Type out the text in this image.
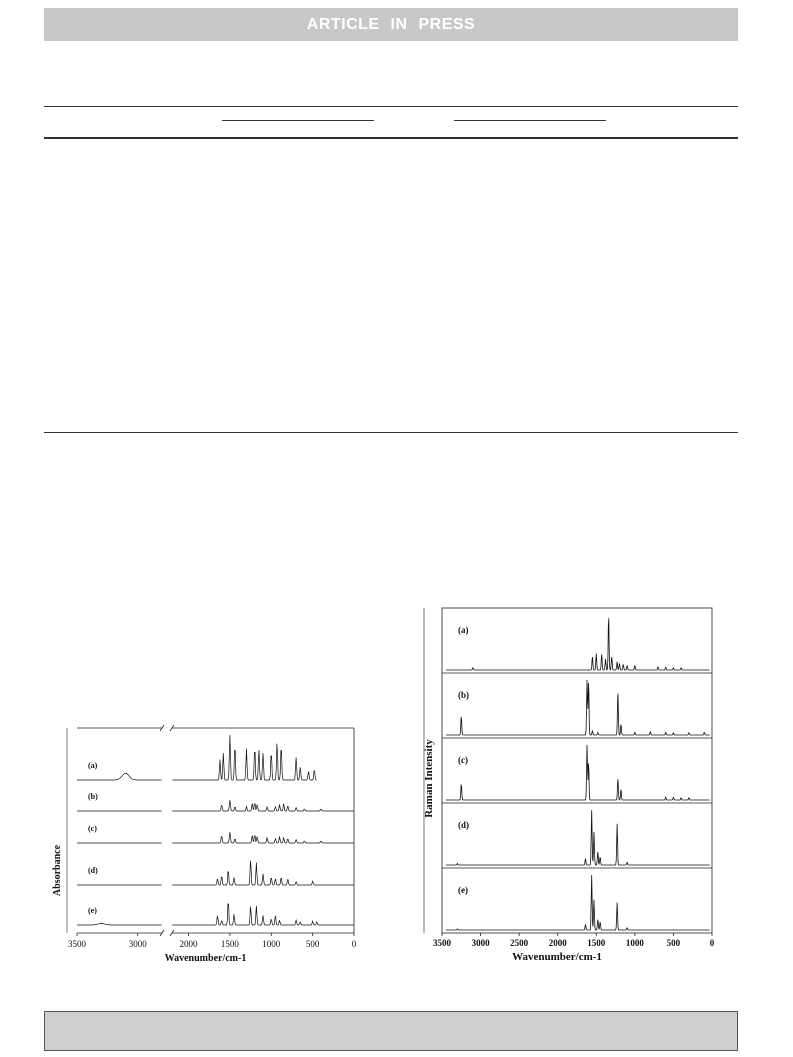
ARTICLE IN PRESS
3500	3000	2000	1500	1000	500	0
Wavenumber/cm-1
Absorbance
(a)
(b)
(c)
(d)
(e)
3500 3000 2500 2000 1500 1000	500	0
Wavenumber/cm-1
Raman Intensity
(a)
(b)
(c)
(d)
(e)
